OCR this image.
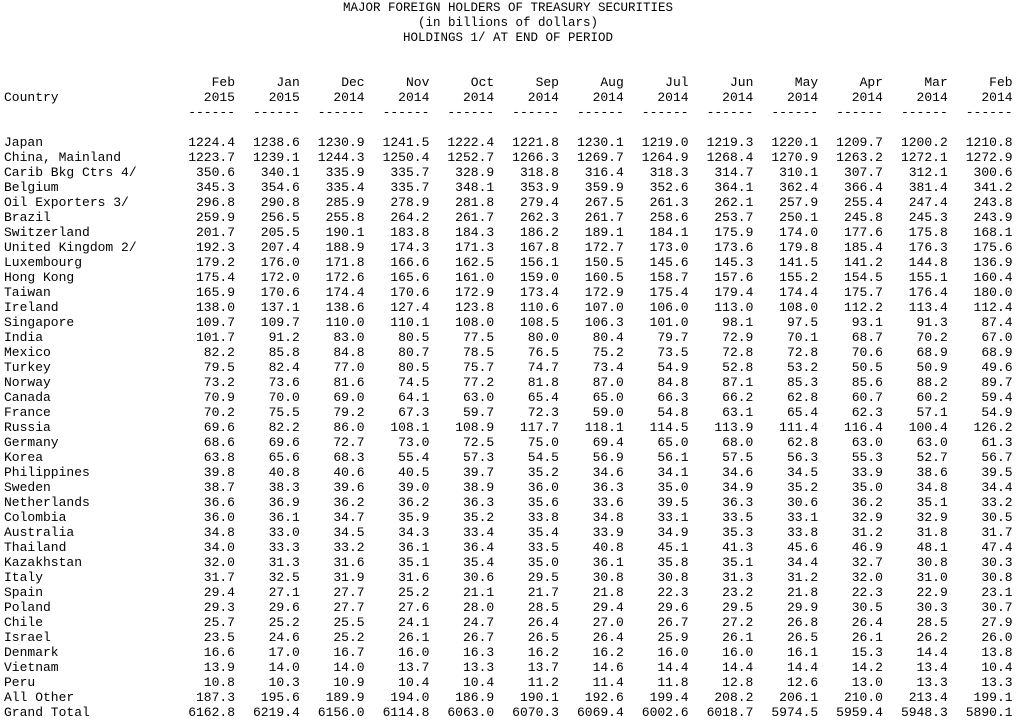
MAJOR FOREIGN HOLDERS OF TREASURY SECURITIES
(in billions of dollars)
HOLDINGS 1/ AT END OF PERIOD
	Feb	Jan	Dec	Nov	Oct	Sep	Aug	Jul	Jun	May	Apr	Mar	Feb
Country	2015	2015	2014	2014	2014	2014	2014	2014	2014	2014	2014	2014	2014
	------	------	------	------	------	------	------	------	------	------	------	------	------

Japan	1224.4	1238.6	1230.9	1241.5	1222.4	1221.8	1230.1	1219.0	1219.3	1220.1	1209.7	1200.2	1210.8
China, Mainland	1223.7	1239.1	1244.3	1250.4	1252.7	1266.3	1269.7	1264.9	1268.4	1270.9	1263.2	1272.1	1272.9
Carib Bkg Ctrs 4/	350.6	340.1	335.9	335.7	328.9	318.8	316.4	318.3	314.7	310.1	307.7	312.1	300.6
Belgium	345.3	354.6	335.4	335.7	348.1	353.9	359.9	352.6	364.1	362.4	366.4	381.4	341.2
Oil Exporters 3/	296.8	290.8	285.9	278.9	281.8	279.4	267.5	261.3	262.1	257.9	255.4	247.4	243.8
Brazil	259.9	256.5	255.8	264.2	261.7	262.3	261.7	258.6	253.7	250.1	245.8	245.3	243.9
Switzerland	201.7	205.5	190.1	183.8	184.3	186.2	189.1	184.1	175.9	174.0	177.6	175.8	168.1
United Kingdom 2/	192.3	207.4	188.9	174.3	171.3	167.8	172.7	173.0	173.6	179.8	185.4	176.3	175.6
Luxembourg	179.2	176.0	171.8	166.6	162.5	156.1	150.5	145.6	145.3	141.5	141.2	144.8	136.9
Hong Kong	175.4	172.0	172.6	165.6	161.0	159.0	160.5	158.7	157.6	155.2	154.5	155.1	160.4
Taiwan	165.9	170.6	174.4	170.6	172.9	173.4	172.9	175.4	179.4	174.4	175.7	176.4	180.0
Ireland	138.0	137.1	138.6	127.4	123.8	110.6	107.0	106.0	113.0	108.0	112.2	113.4	112.4
Singapore	109.7	109.7	110.0	110.1	108.0	108.5	106.3	101.0	98.1	97.5	93.1	91.3	87.4
India	101.7	91.2	83.0	80.5	77.5	80.0	80.4	79.7	72.9	70.1	68.7	70.2	67.0
Mexico	82.2	85.8	84.8	80.7	78.5	76.5	75.2	73.5	72.8	72.8	70.6	68.9	68.9
Turkey	79.5	82.4	77.0	80.5	75.7	74.7	73.4	54.9	52.8	53.2	50.5	50.9	49.6
Norway	73.2	73.6	81.6	74.5	77.2	81.8	87.0	84.8	87.1	85.3	85.6	88.2	89.7
Canada	70.9	70.0	69.0	64.1	63.0	65.4	65.0	66.3	66.2	62.8	60.7	60.2	59.4
France	70.2	75.5	79.2	67.3	59.7	72.3	59.0	54.8	63.1	65.4	62.3	57.1	54.9
Russia	69.6	82.2	86.0	108.1	108.9	117.7	118.1	114.5	113.9	111.4	116.4	100.4	126.2
Germany	68.6	69.6	72.7	73.0	72.5	75.0	69.4	65.0	68.0	62.8	63.0	63.0	61.3
Korea	63.8	65.6	68.3	55.4	57.3	54.5	56.9	56.1	57.5	56.3	55.3	52.7	56.7
Philippines	39.8	40.8	40.6	40.5	39.7	35.2	34.6	34.1	34.6	34.5	33.9	38.6	39.5
Sweden	38.7	38.3	39.6	39.0	38.9	36.0	36.3	35.0	34.9	35.2	35.0	34.8	34.4
Netherlands	36.6	36.9	36.2	36.2	36.3	35.6	33.6	39.5	36.3	30.6	36.2	35.1	33.2
Colombia	36.0	36.1	34.7	35.9	35.2	33.8	34.8	33.1	33.5	33.1	32.9	32.9	30.5
Australia	34.8	33.0	34.5	34.3	33.4	35.4	33.9	34.9	35.3	33.8	31.2	31.8	31.7
Thailand	34.0	33.3	33.2	36.1	36.4	33.5	40.8	45.1	41.3	45.6	46.9	48.1	47.4
Kazakhstan	32.0	31.3	31.6	35.1	35.4	35.0	36.1	35.8	35.1	34.4	32.7	30.8	30.3
Italy	31.7	32.5	31.9	31.6	30.6	29.5	30.8	30.8	31.3	31.2	32.0	31.0	30.8
Spain	29.4	27.1	27.7	25.2	21.1	21.7	21.8	22.3	23.2	21.8	22.3	22.9	23.1
Poland	29.3	29.6	27.7	27.6	28.0	28.5	29.4	29.6	29.5	29.9	30.5	30.3	30.7
Chile	25.7	25.2	25.5	24.1	24.7	26.4	27.0	26.7	27.2	26.8	26.4	28.5	27.9
Israel	23.5	24.6	25.2	26.1	26.7	26.5	26.4	25.9	26.1	26.5	26.1	26.2	26.0
Denmark	16.6	17.0	16.7	16.0	16.3	16.2	16.2	16.0	16.0	16.1	15.3	14.4	13.8
Vietnam	13.9	14.0	14.0	13.7	13.3	13.7	14.6	14.4	14.4	14.4	14.2	13.4	10.4
Peru	10.8	10.3	10.9	10.4	10.4	11.2	11.4	11.8	12.8	12.6	13.0	13.3	13.3
All Other	187.3	195.6	189.9	194.0	186.9	190.1	192.6	199.4	208.2	206.1	210.0	213.4	199.1
Grand Total	6162.8	6219.4	6156.0	6114.8	6063.0	6070.3	6069.4	6002.6	6018.7	5974.5	5959.4	5948.3	5890.1
